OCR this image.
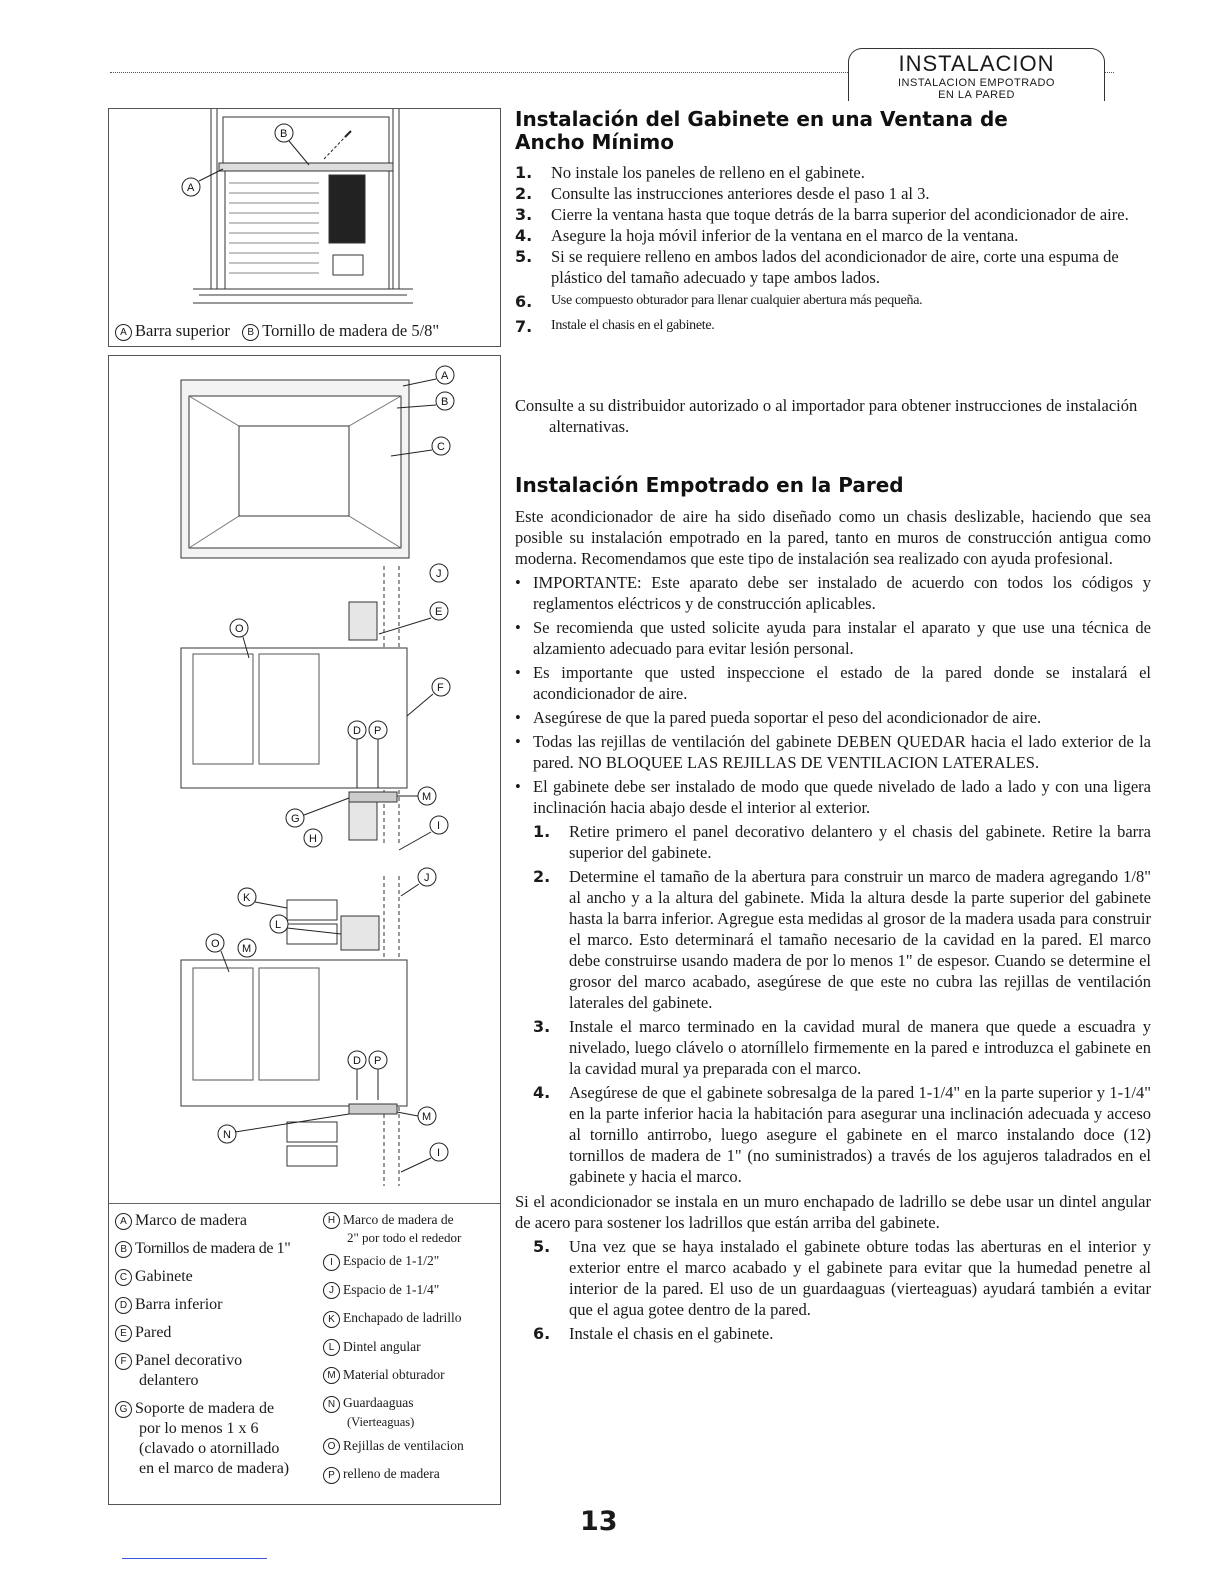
INSTALACION
INSTALACION EMPOTRADO
EN LA PARED
A
B
A Barra superior B Tornillo de madera de 5/8"
A
B
C
J
E
O
F
D P
M
G
H
I
J
K
L
O M
D P
M
N
I
A Marco de madera
B Tornillos de madera de 1"
C Gabinete
D Barra inferior
E Pared
F Panel decorativo
delantero
G Soporte de madera de
por lo menos 1 x 6
(clavado o atornillado
en el marco de madera)
H Marco de madera de
2" por todo el rededor
I Espacio de 1-1/2"
J Espacio de 1-1/4"
K Enchapado de ladrillo
L Dintel angular
M Material obturador
N Guardaaguas
(Vierteaguas)
O Rejillas de ventilacion
P relleno de madera
Instalación del Gabinete en una Ventana de
Ancho Mínimo
1.	No instale los paneles de relleno en el gabinete.
2.	Consulte las instrucciones anteriores desde el paso 1 al 3.
3.	Cierre la ventana hasta que toque detrás de la barra superior del acondicionador de aire.
4.	Asegure la hoja móvil inferior de la ventana en el marco de la ventana.
5.	Si se requiere relleno en ambos lados del acondicionador de aire, corte una espuma de plástico del tamaño adecuado y tape ambos lados.
6.	Use compuesto obturador para llenar cualquier abertura más pequeña.
7.	Instale el chasis en el gabinete.
Consulte a su distribuidor autorizado o al importador para obtener instrucciones de instalación alternativas.
Instalación Empotrado en la Pared
Este acondicionador de aire ha sido diseñado como un chasis deslizable, haciendo que sea posible su instalación empotrado en la pared, tanto en muros de construcción antigua como moderna. Recomendamos que este tipo de instalación sea realizado con ayuda profesional.
• IMPORTANTE: Este aparato debe ser instalado de acuerdo con todos los códigos y reglamentos eléctricos y de construcción aplicables.
• Se recomienda que usted solicite ayuda para instalar el aparato y que use una técnica de alzamiento adecuado para evitar lesión personal.
• Es importante que usted inspeccione el estado de la pared donde se instalará el acondicionador de aire.
• Asegúrese de que la pared pueda soportar el peso del acondicionador de aire.
• Todas las rejillas de ventilación del gabinete DEBEN QUEDAR hacia el lado exterior de la pared. NO BLOQUEE LAS REJILLAS DE VENTILACION LATERALES.
• El gabinete debe ser instalado de modo que quede nivelado de lado a lado y con una ligera inclinación hacia abajo desde el interior al exterior.
1.	Retire primero el panel decorativo delantero y el chasis del gabinete. Retire la barra superior del gabinete.
2.	Determine el tamaño de la abertura para construir un marco de madera agregando 1/8" al ancho y a la altura del gabinete. Mida la altura desde la parte superior del gabinete hasta la barra inferior. Agregue esta medidas al grosor de la madera usada para construir el marco. Esto determinará el tamaño necesario de la cavidad en la pared. El marco debe construirse usando madera de por lo menos 1" de espesor. Cuando se determine el grosor del marco acabado, asegúrese de que este no cubra las rejillas de ventilación laterales del gabinete.
3.	Instale el marco terminado en la cavidad mural de manera que quede a escuadra y nivelado, luego clávelo o atorníllelo firmemente en la pared e introduzca el gabinete en la cavidad mural ya preparada con el marco.
4.	Asegúrese de que el gabinete sobresalga de la pared 1-1/4" en la parte superior y 1-1/4" en la parte inferior hacia la habitación para asegurar una inclinación adecuada y acceso al tornillo antirrobo, luego asegure el gabinete en el marco instalando doce (12) tornillos de madera de 1" (no suministrados) a través de los agujeros taladrados en el gabinete y hacia el marco.
Si el acondicionador se instala en un muro enchapado de ladrillo se debe usar un dintel angular de acero para sostener los ladrillos que están arriba del gabinete.
5.	Una vez que se haya instalado el gabinete obture todas las aberturas en el interior y exterior entre el marco acabado y el gabinete para evitar que la humedad penetre al interior de la pared. El uso de un guardaaguas (vierteaguas) ayudará también a evitar que el agua gotee dentro de la pared.
6.	Instale el chasis en el gabinete.
13
